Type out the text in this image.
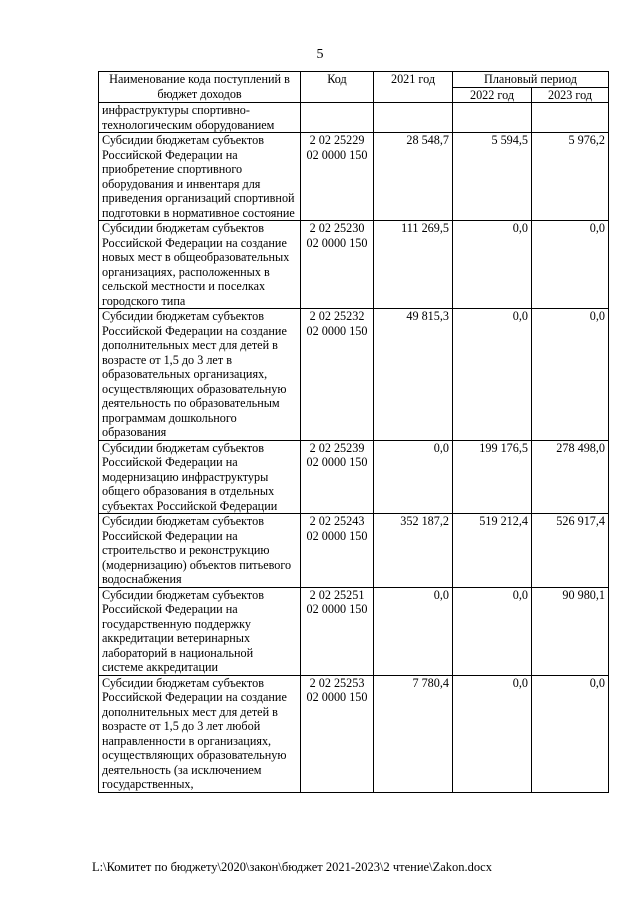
5
Наименование кода поступлений в бюджет доходов	Код	2021 год	Плановый период	
			2022 год	2023 год
инфраструктуры спортивно-технологическим оборудованием				
Субсидии бюджетам субъектов Российской Федерации на приобретение спортивного оборудования и инвентаря для приведения организаций спортивной подготовки в нормативное состояние	2 02 25229 02 0000 150	28 548,7	5 594,5	5 976,2
Субсидии бюджетам субъектов Российской Федерации на создание новых мест в общеобразовательных организациях, расположенных в сельской местности и поселках городского типа	2 02 25230 02 0000 150	111 269,5	0,0	0,0
Субсидии бюджетам субъектов Российской Федерации на создание дополнительных мест для детей в возрасте от 1,5 до 3 лет в образовательных организациях, осуществляющих образовательную деятельность по образовательным программам дошкольного образования	2 02 25232 02 0000 150	49 815,3	0,0	0,0
Субсидии бюджетам субъектов Российской Федерации на модернизацию инфраструктуры общего образования в отдельных субъектах Российской Федерации	2 02 25239 02 0000 150	0,0	199 176,5	278 498,0
Субсидии бюджетам субъектов Российской Федерации на строительство и реконструкцию (модернизацию) объектов питьевого водоснабжения	2 02 25243 02 0000 150	352 187,2	519 212,4	526 917,4
Субсидии бюджетам субъектов Российской Федерации на государственную поддержку аккредитации ветеринарных лабораторий в национальной системе аккредитации	2 02 25251 02 0000 150	0,0	0,0	90 980,1
Субсидии бюджетам субъектов Российской Федерации на создание дополнительных мест для детей в возрасте от 1,5 до 3 лет любой направленности в организациях, осуществляющих образовательную деятельность (за исключением государственных,	2 02 25253 02 0000 150	7 780,4	0,0	0,0
L:\Комитет по бюджету\2020\закон\бюджет 2021-2023\2 чтение\Zakon.docx
